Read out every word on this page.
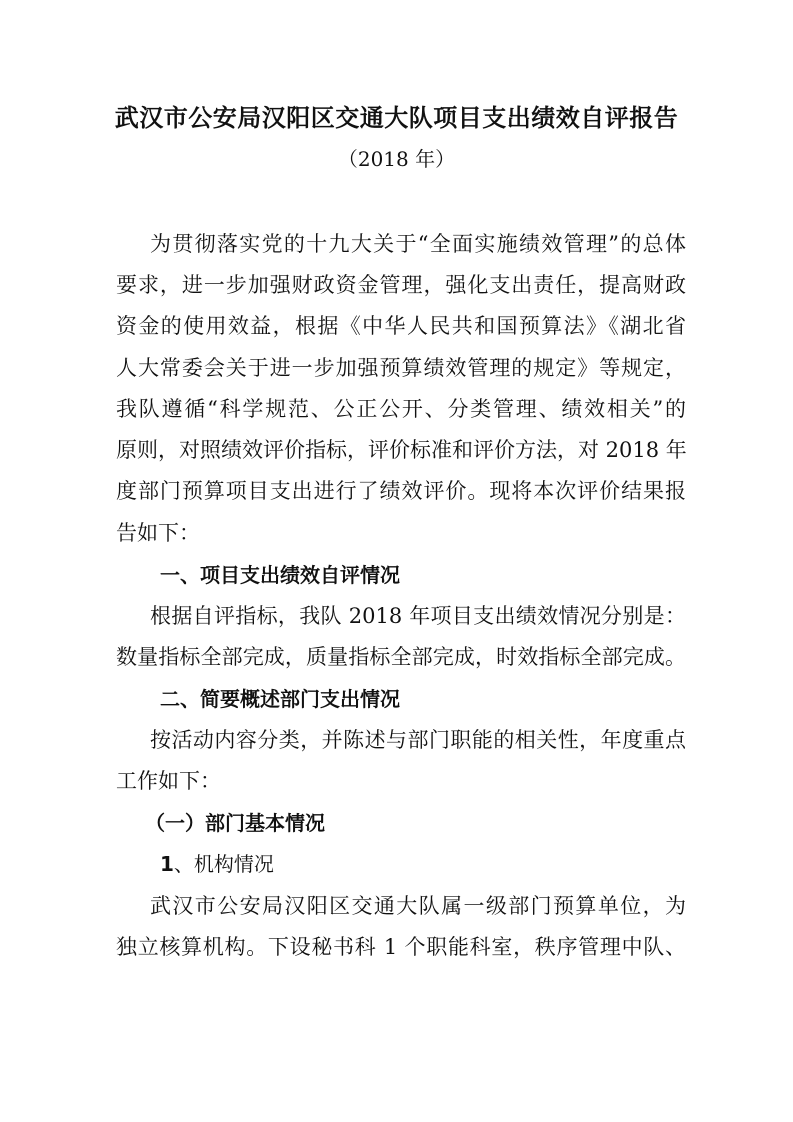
武汉市公安局汉阳区交通大队项目支出绩效自评报告
（2018 年）
为贯彻落实党的十九大关于“全面实施绩效管理”的总体
要求，进一步加强财政资金管理，强化支出责任，提高财政
资金的使用效益，根据《中华人民共和国预算法》《湖北省
人大常委会关于进一步加强预算绩效管理的规定》等规定，
我队遵循“科学规范、公正公开、分类管理、绩效相关”的
原则，对照绩效评价指标，评价标准和评价方法，对 2018 年
度部门预算项目支出进行了绩效评价。现将本次评价结果报
告如下：
一、项目支出绩效自评情况
根据自评指标，我队 2018 年项目支出绩效情况分别是：
数量指标全部完成，质量指标全部完成，时效指标全部完成。
二、简要概述部门支出情况
按活动内容分类，并陈述与部门职能的相关性，年度重点
工作如下：
（一）部门基本情况
1、机构情况
武汉市公安局汉阳区交通大队属一级部门预算单位，为
独立核算机构。下设秘书科 1 个职能科室，秩序管理中队、
